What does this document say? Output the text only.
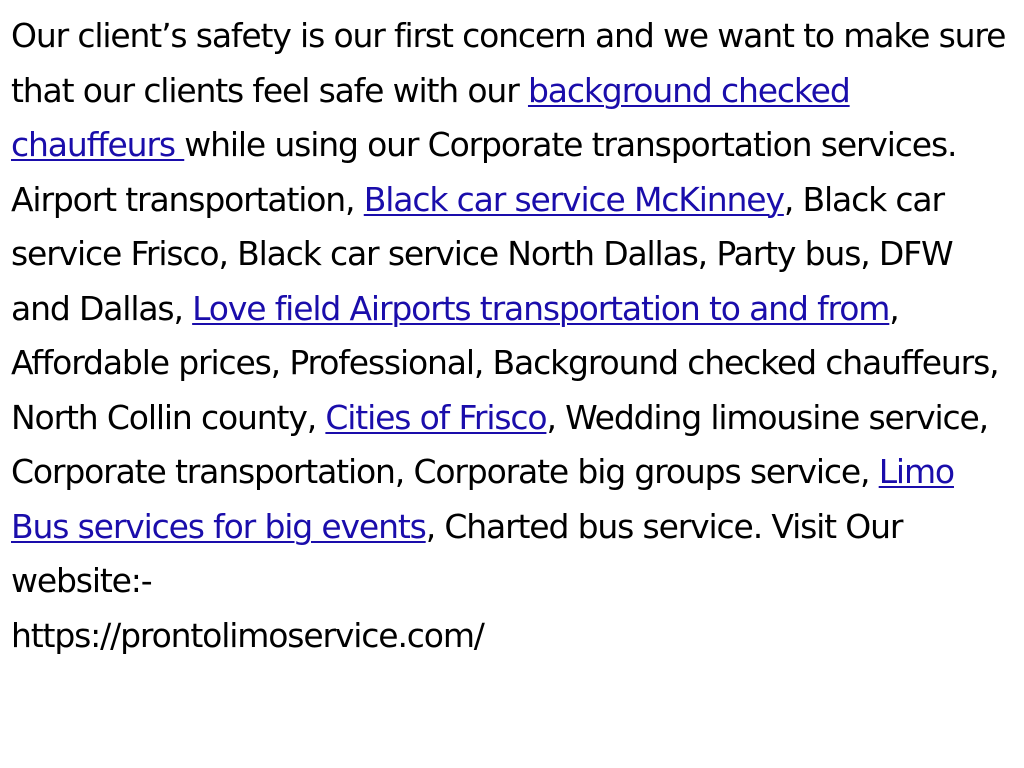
Our client’s safety is our first concern and we want to make sure that our clients feel safe with our background checked chauffeurs while using our Corporate transportation services. Airport transportation, Black car service McKinney, Black car service Frisco, Black car service North Dallas, Party bus, DFW and Dallas, Love field Airports transportation to and from, Affordable prices, Professional, Background checked chauffeurs, North Collin county, Cities of Frisco, Wedding limousine service, Corporate transportation, Corporate big groups service, Limo Bus services for big events, Charted bus service. Visit Our website:-
https://prontolimoservice.com/
